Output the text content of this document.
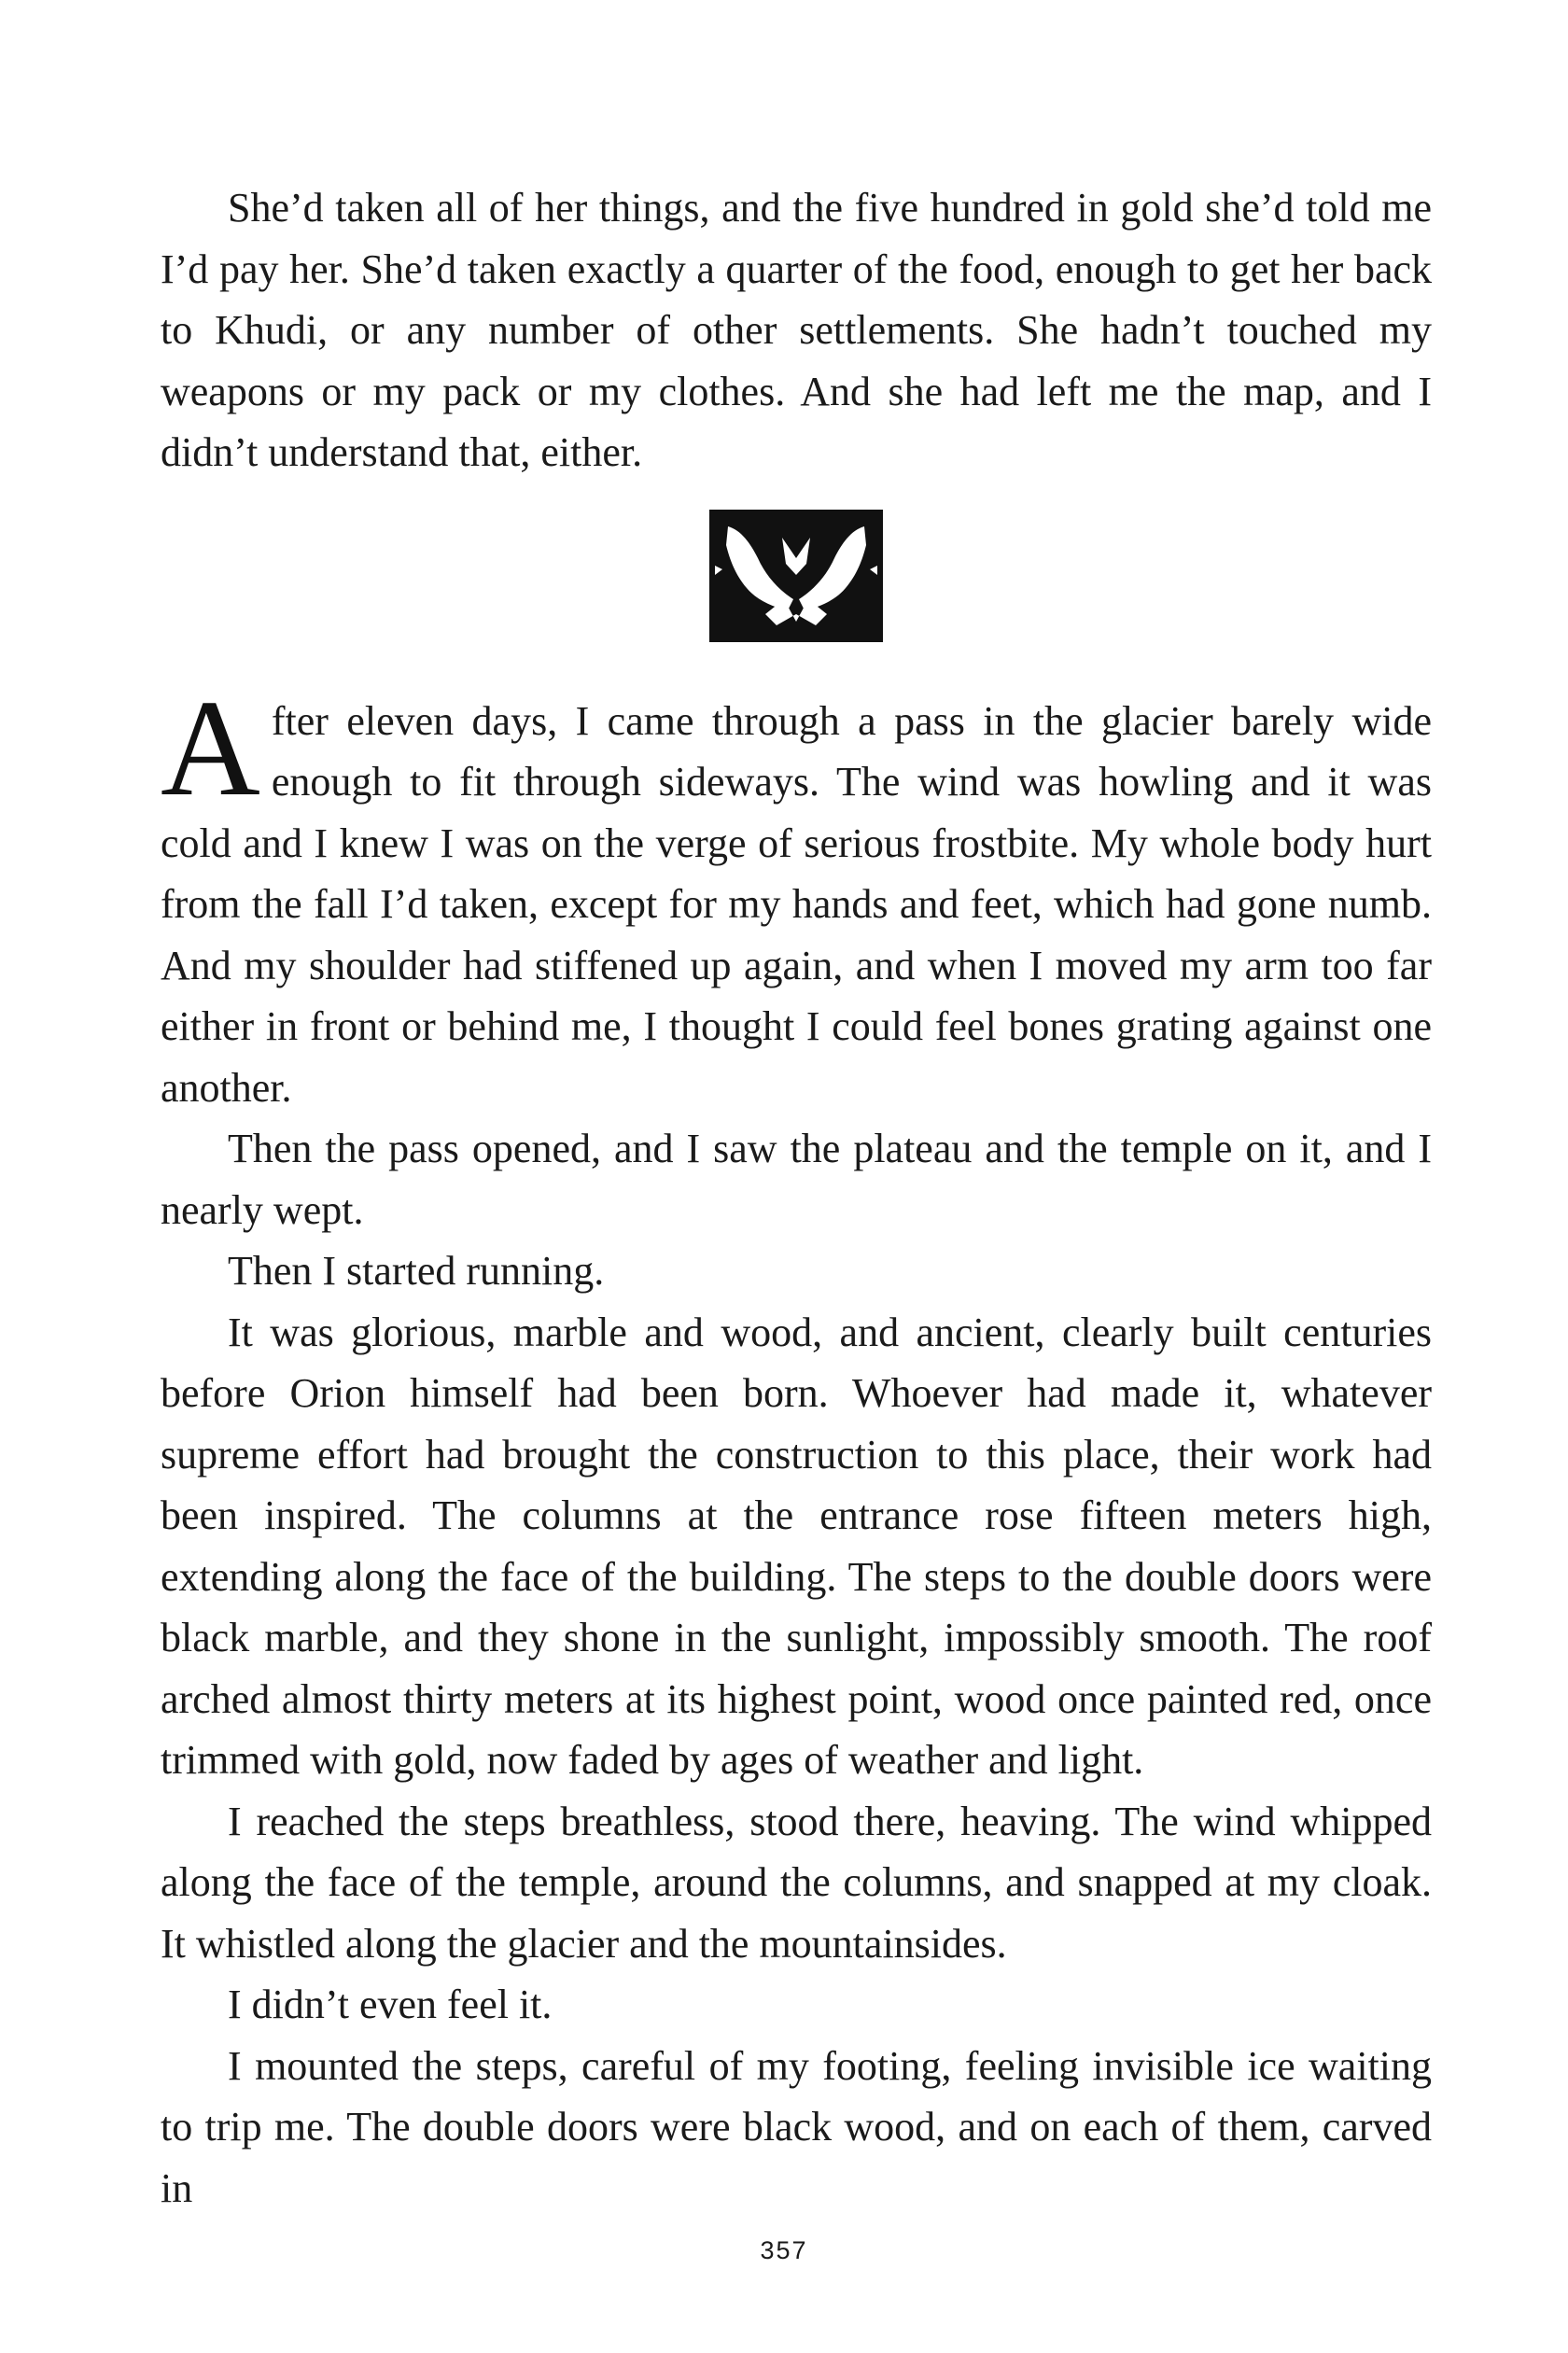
She’d taken all of her things, and the five hundred in gold she’d told me I’d pay her. She’d taken exactly a quarter of the food, enough to get her back to Khudi, or any number of other settlements. She hadn’t touched my weapons or my pack or my clothes. And she had left me the map, and I didn’t understand that, either.

After eleven days, I came through a pass in the glacier barely wide enough to fit through sideways. The wind was howling and it was cold and I knew I was on the verge of serious frostbite. My whole body hurt from the fall I’d taken, except for my hands and feet, which had gone numb. And my shoulder had stiffened up again, and when I moved my arm too far either in front or behind me, I thought I could feel bones grating against one another.

Then the pass opened, and I saw the plateau and the temple on it, and I nearly wept.

Then I started running.

It was glorious, marble and wood, and ancient, clearly built centuries before Orion himself had been born. Whoever had made it, whatever supreme effort had brought the construction to this place, their work had been inspired. The columns at the entrance rose fifteen meters high, extending along the face of the building. The steps to the double doors were black marble, and they shone in the sunlight, impossibly smooth. The roof arched almost thirty meters at its highest point, wood once painted red, once trimmed with gold, now faded by ages of weather and light.

I reached the steps breathless, stood there, heaving. The wind whipped along the face of the temple, around the columns, and snapped at my cloak. It whistled along the glacier and the mountainsides.

I didn’t even feel it.

I mounted the steps, careful of my footing, feeling invisible ice waiting to trip me. The double doors were black wood, and on each of them, carved in

357
